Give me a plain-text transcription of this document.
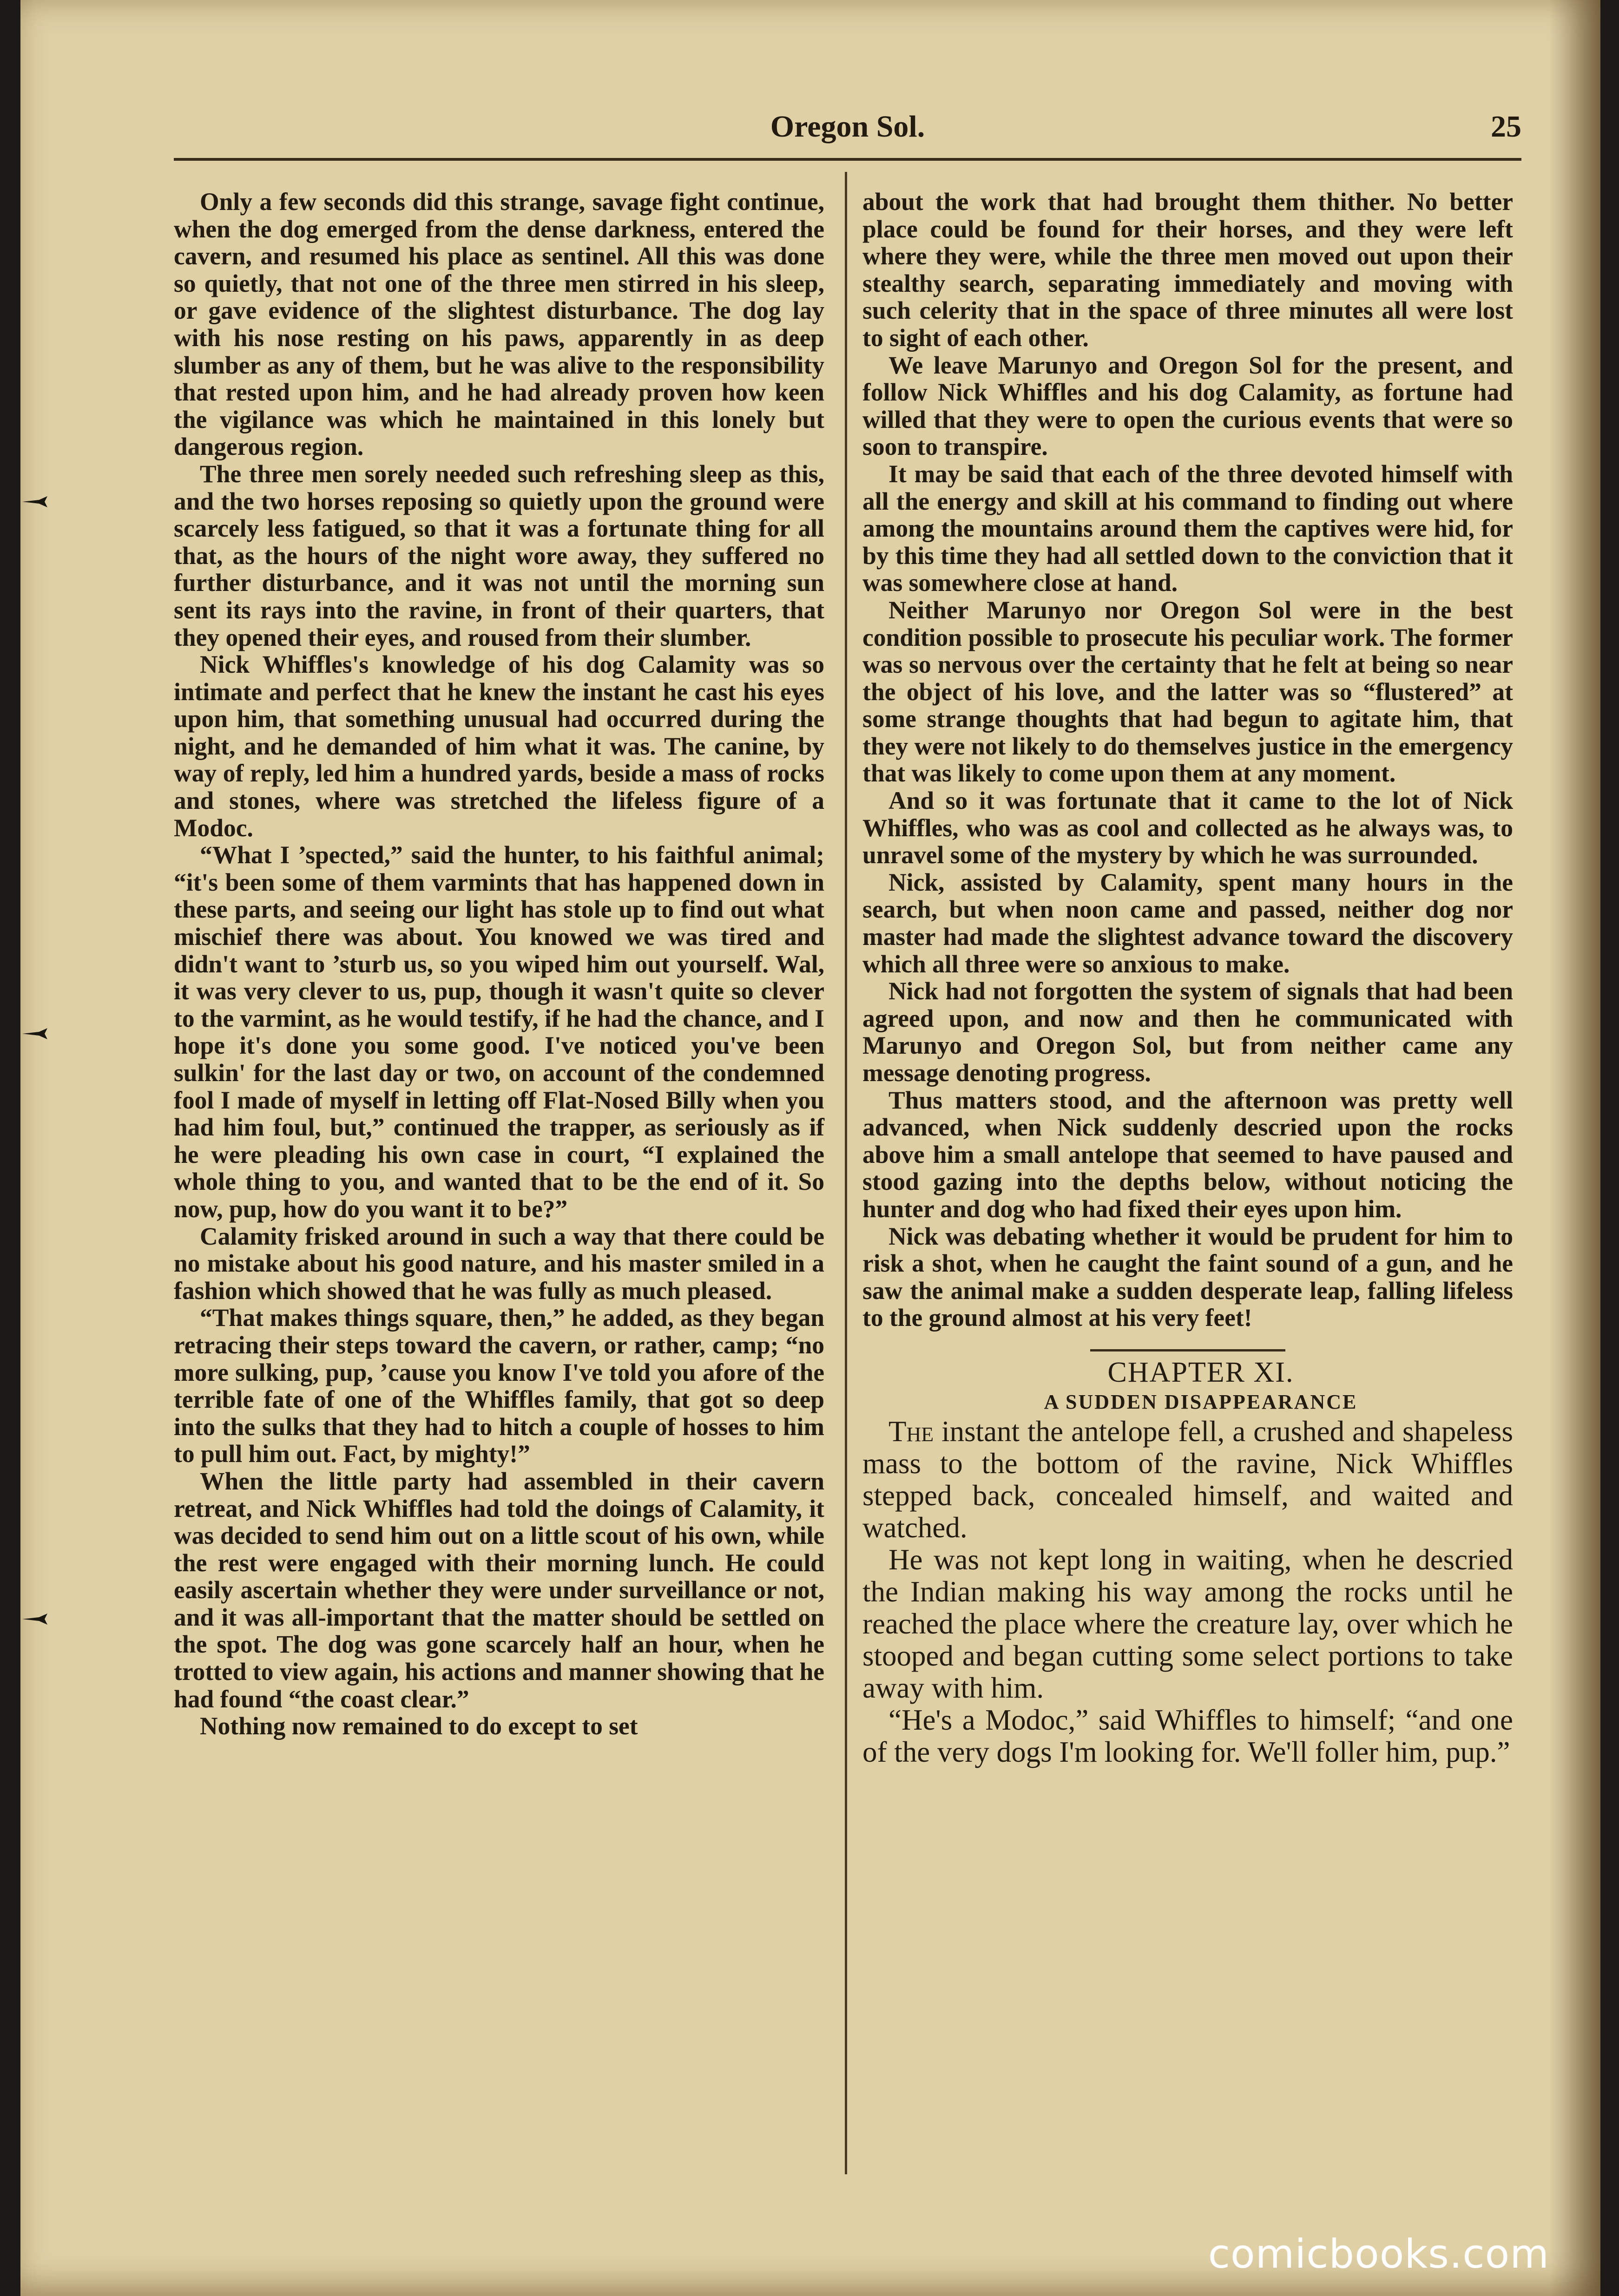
Oregon Sol.	25

Only a few seconds did this strange, savage fight continue, when the dog emerged from the dense darkness, entered the cavern, and resumed his place as sentinel. All this was done so quietly, that not one of the three men stirred in his sleep, or gave evidence of the slightest disturbance. The dog lay with his nose resting on his paws, apparently in as deep slumber as any of them, but he was alive to the responsibility that rested upon him, and he had already proven how keen the vigilance was which he maintained in this lonely but dangerous region.

The three men sorely needed such refreshing sleep as this, and the two horses reposing so quietly upon the ground were scarcely less fatigued, so that it was a fortunate thing for all that, as the hours of the night wore away, they suffered no further disturbance, and it was not until the morning sun sent its rays into the ravine, in front of their quarters, that they opened their eyes, and roused from their slumber.

Nick Whiffles's knowledge of his dog Calamity was so intimate and perfect that he knew the instant he cast his eyes upon him, that something unusual had occurred during the night, and he demanded of him what it was. The canine, by way of reply, led him a hundred yards, beside a mass of rocks and stones, where was stretched the lifeless figure of a Modoc.

“What I ’spected,” said the hunter, to his faithful animal; “it's been some of them varmints that has happened down in these parts, and seeing our light has stole up to find out what mischief there was about. You knowed we was tired and didn't want to ’sturb us, so you wiped him out yourself. Wal, it was very clever to us, pup, though it wasn't quite so clever to the varmint, as he would testify, if he had the chance, and I hope it's done you some good. I've noticed you've been sulkin' for the last day or two, on account of the condemned fool I made of myself in letting off Flat-Nosed Billy when you had him foul, but,” continued the trapper, as seriously as if he were pleading his own case in court, “I explained the whole thing to you, and wanted that to be the end of it. So now, pup, how do you want it to be?”

Calamity frisked around in such a way that there could be no mistake about his good nature, and his master smiled in a fashion which showed that he was fully as much pleased.

“That makes things square, then,” he added, as they began retracing their steps toward the cavern, or rather, camp; “no more sulking, pup, ’cause you know I've told you afore of the terrible fate of one of the Whiffles family, that got so deep into the sulks that they had to hitch a couple of hosses to him to pull him out. Fact, by mighty!”

When the little party had assembled in their cavern retreat, and Nick Whiffles had told the doings of Calamity, it was decided to send him out on a little scout of his own, while the rest were engaged with their morning lunch. He could easily ascertain whether they were under surveillance or not, and it was all-important that the matter should be settled on the spot. The dog was gone scarcely half an hour, when he trotted to view again, his actions and manner showing that he had found “the coast clear.”

Nothing now remained to do except to set

about the work that had brought them thither. No better place could be found for their horses, and they were left where they were, while the three men moved out upon their stealthy search, separating immediately and moving with such celerity that in the space of three minutes all were lost to sight of each other.

We leave Marunyo and Oregon Sol for the present, and follow Nick Whiffles and his dog Calamity, as fortune had willed that they were to open the curious events that were so soon to transpire.

It may be said that each of the three devoted himself with all the energy and skill at his command to finding out where among the mountains around them the captives were hid, for by this time they had all settled down to the conviction that it was somewhere close at hand.

Neither Marunyo nor Oregon Sol were in the best condition possible to prosecute his peculiar work. The former was so nervous over the certainty that he felt at being so near the object of his love, and the latter was so “flustered” at some strange thoughts that had begun to agitate him, that they were not likely to do themselves justice in the emergency that was likely to come upon them at any moment.

And so it was fortunate that it came to the lot of Nick Whiffles, who was as cool and collected as he always was, to unravel some of the mystery by which he was surrounded.

Nick, assisted by Calamity, spent many hours in the search, but when noon came and passed, neither dog nor master had made the slightest advance toward the discovery which all three were so anxious to make.

Nick had not forgotten the system of signals that had been agreed upon, and now and then he communicated with Marunyo and Oregon Sol, but from neither came any message denoting progress.

Thus matters stood, and the afternoon was pretty well advanced, when Nick suddenly descried upon the rocks above him a small antelope that seemed to have paused and stood gazing into the depths below, without noticing the hunter and dog who had fixed their eyes upon him.

Nick was debating whether it would be prudent for him to risk a shot, when he caught the faint sound of a gun, and he saw the animal make a sudden desperate leap, falling lifeless to the ground almost at his very feet!

CHAPTER XI.

A SUDDEN DISAPPEARANCE

The instant the antelope fell, a crushed and shapeless mass to the bottom of the ravine, Nick Whiffles stepped back, concealed himself, and waited and watched.

He was not kept long in waiting, when he descried the Indian making his way among the rocks until he reached the place where the creature lay, over which he stooped and began cutting some select portions to take away with him.

“He's a Modoc,” said Whiffles to himself; “and one of the very dogs I'm looking for. We'll foller him, pup.”

comicbooks.com
